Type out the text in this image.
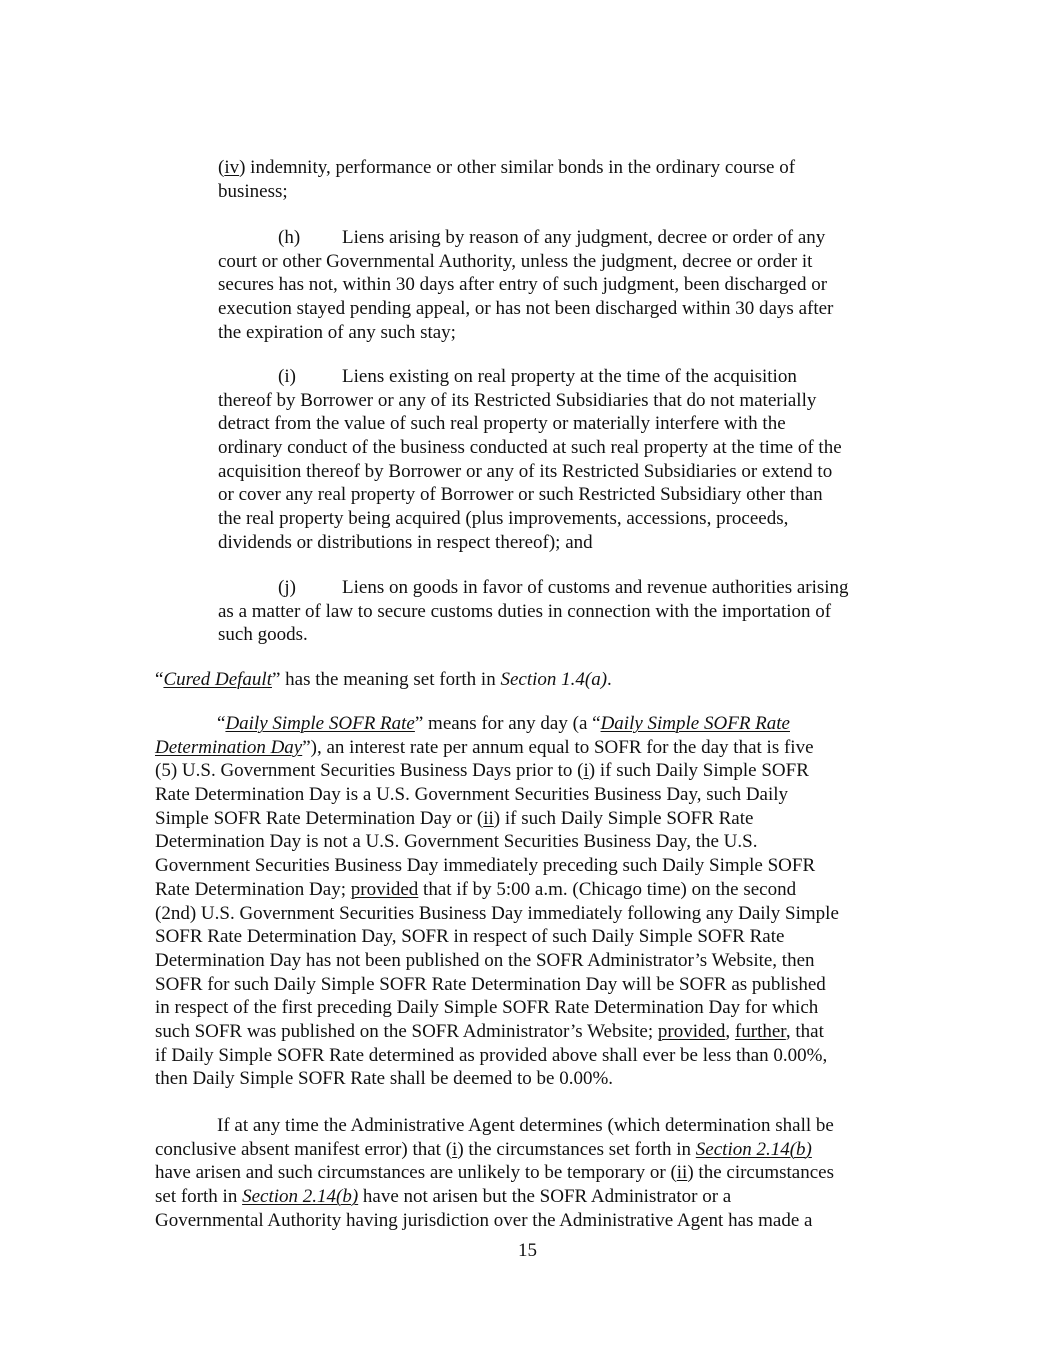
(iv) indemnity, performance or other similar bonds in the ordinary course of
business;
(h) Liens arising by reason of any judgment, decree or order of any
court or other Governmental Authority, unless the judgment, decree or order it
secures has not, within 30 days after entry of such judgment, been discharged or
execution stayed pending appeal, or has not been discharged within 30 days after
the expiration of any such stay;
(i) Liens existing on real property at the time of the acquisition
thereof by Borrower or any of its Restricted Subsidiaries that do not materially
detract from the value of such real property or materially interfere with the
ordinary conduct of the business conducted at such real property at the time of the
acquisition thereof by Borrower or any of its Restricted Subsidiaries or extend to
or cover any real property of Borrower or such Restricted Subsidiary other than
the real property being acquired (plus improvements, accessions, proceeds,
dividends or distributions in respect thereof); and
(j) Liens on goods in favor of customs and revenue authorities arising
as a matter of law to secure customs duties in connection with the importation of
such goods.
“Cured Default” has the meaning set forth in Section 1.4(a).
“Daily Simple SOFR Rate” means for any day (a “Daily Simple SOFR Rate
Determination Day”), an interest rate per annum equal to SOFR for the day that is five
(5) U.S. Government Securities Business Days prior to (i) if such Daily Simple SOFR
Rate Determination Day is a U.S. Government Securities Business Day, such Daily
Simple SOFR Rate Determination Day or (ii) if such Daily Simple SOFR Rate
Determination Day is not a U.S. Government Securities Business Day, the U.S.
Government Securities Business Day immediately preceding such Daily Simple SOFR
Rate Determination Day; provided that if by 5:00 a.m. (Chicago time) on the second
(2nd) U.S. Government Securities Business Day immediately following any Daily Simple
SOFR Rate Determination Day, SOFR in respect of such Daily Simple SOFR Rate
Determination Day has not been published on the SOFR Administrator’s Website, then
SOFR for such Daily Simple SOFR Rate Determination Day will be SOFR as published
in respect of the first preceding Daily Simple SOFR Rate Determination Day for which
such SOFR was published on the SOFR Administrator’s Website; provided, further, that
if Daily Simple SOFR Rate determined as provided above shall ever be less than 0.00%,
then Daily Simple SOFR Rate shall be deemed to be 0.00%.
If at any time the Administrative Agent determines (which determination shall be
conclusive absent manifest error) that (i) the circumstances set forth in Section 2.14(b)
have arisen and such circumstances are unlikely to be temporary or (ii) the circumstances
set forth in Section 2.14(b) have not arisen but the SOFR Administrator or a
Governmental Authority having jurisdiction over the Administrative Agent has made a

15
